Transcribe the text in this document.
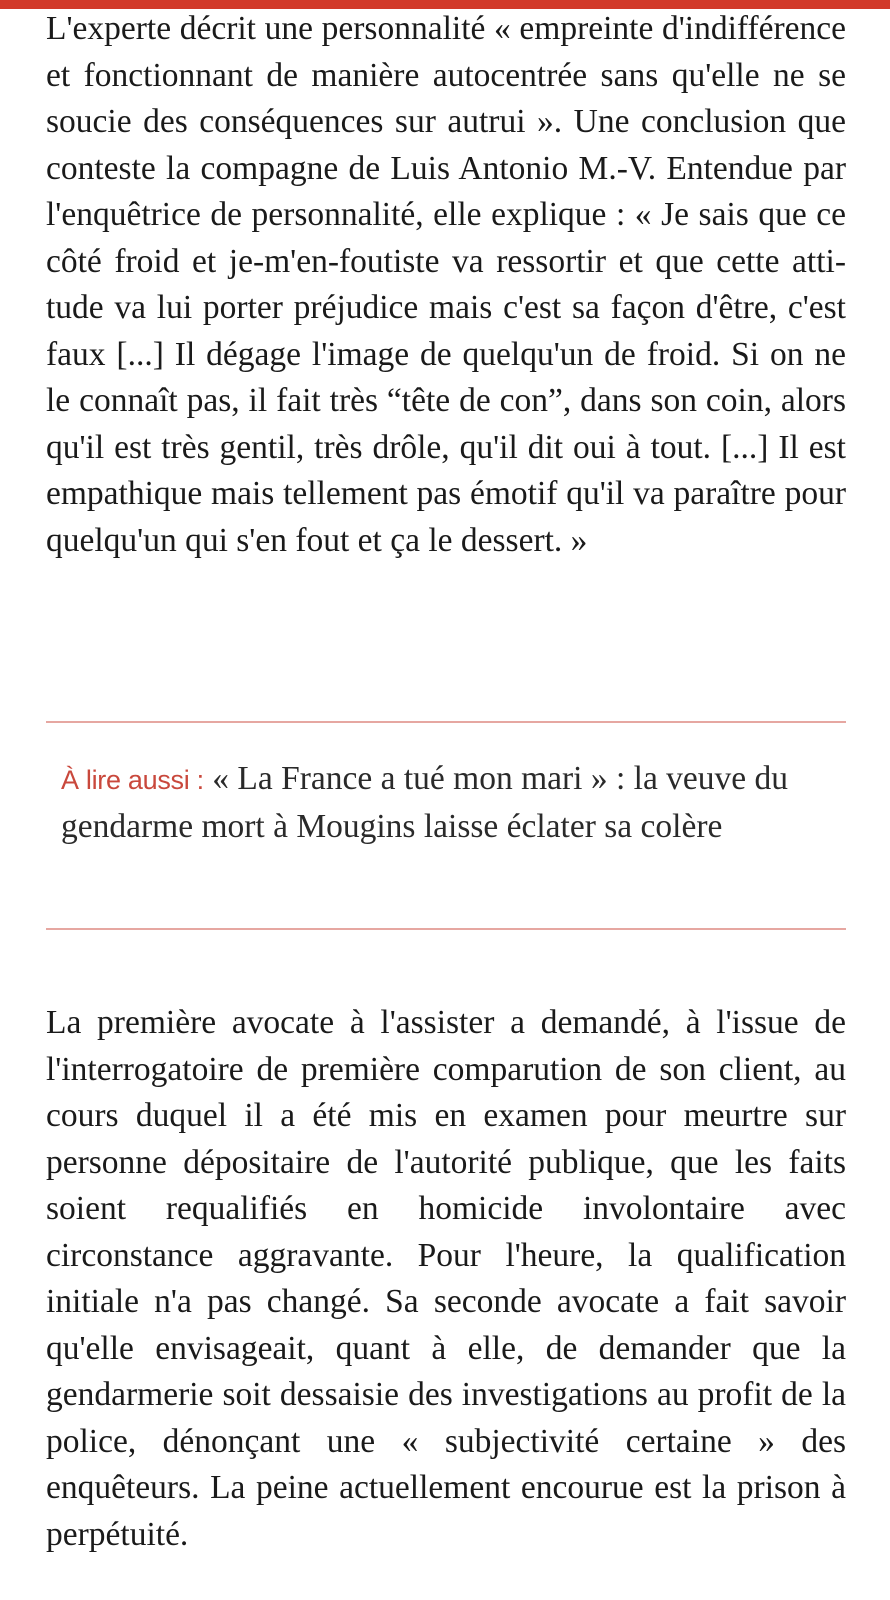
L'experte décrit une personnalité « empreinte d'indifférence et fonctionnant de manière autocentrée sans qu'elle ne se soucie des conséquences sur autrui ». Une conclusion que conteste la compagne de Luis Antonio M.-V. Entendue par l'enquêtrice de personnalité, elle explique : « Je sais que ce côté froid et je-m'en-foutiste va ressortir et que cette attitude va lui porter préjudice mais c'est sa façon d'être, c'est faux [...] Il dégage l'image de quelqu'un de froid. Si on ne le connaît pas, il fait très “tête de con”, dans son coin, alors qu'il est très gentil, très drôle, qu'il dit oui à tout. [...] Il est empathique mais tellement pas émotif qu'il va paraître pour quelqu'un qui s'en fout et ça le dessert. »

À lire aussi : « La France a tué mon mari » : la veuve du gendarme mort à Mougins laisse éclater sa colère

La première avocate à l'assister a demandé, à l'issue de l'interrogatoire de première comparution de son client, au cours duquel il a été mis en examen pour meurtre sur personne dépositaire de l'autorité publique, que les faits soient requalifiés en homicide involontaire avec circonstance aggravante. Pour l'heure, la qualification initiale n'a pas changé. Sa seconde avocate a fait savoir qu'elle envisageait, quant à elle, de demander que la gendarmerie soit dessaisie des investigations au profit de la police, dénonçant une « subjectivité certaine » des enquêteurs. La peine actuellement encourue est la prison à perpétuité.
